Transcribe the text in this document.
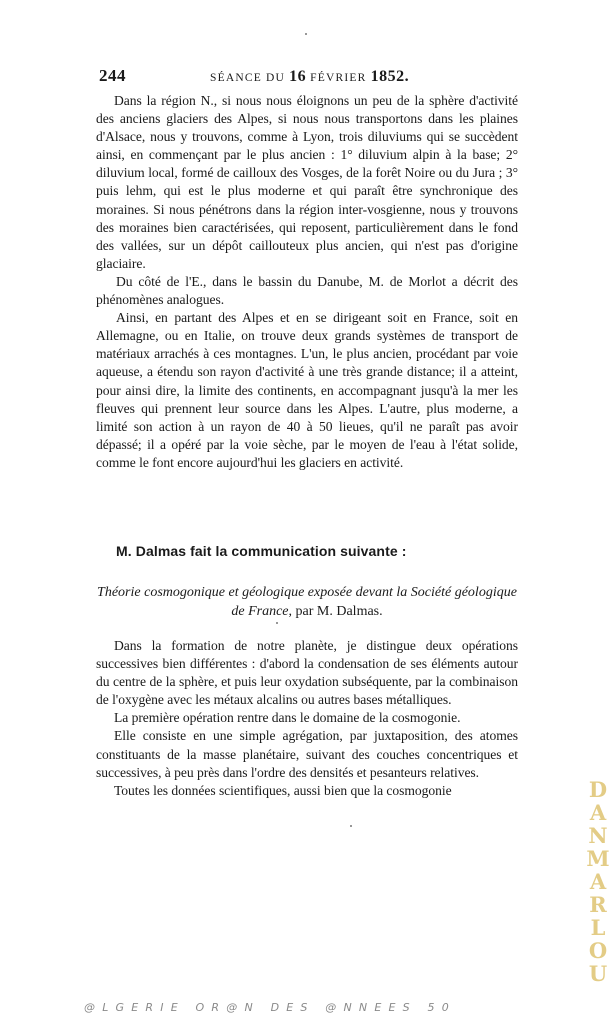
244	SÉANCE DU 16 FÉVRIER 1852.

Dans la région N., si nous nous éloignons un peu de la sphère d'activité des anciens glaciers des Alpes, si nous nous transportons dans les plaines d'Alsace, nous y trouvons, comme à Lyon, trois diluviums qui se succèdent ainsi, en commençant par le plus ancien : 1° diluvium alpin à la base; 2° diluvium local, formé de cailloux des Vosges, de la forêt Noire ou du Jura ; 3° puis lehm, qui est le plus moderne et qui paraît être synchronique des moraines. Si nous pénétrons dans la région inter-vosgienne, nous y trouvons des moraines bien caractérisées, qui reposent, particulièrement dans le fond des vallées, sur un dépôt caillouteux plus ancien, qui n'est pas d'origine glaciaire.

Du côté de l'E., dans le bassin du Danube, M. de Morlot a décrit des phénomènes analogues.

Ainsi, en partant des Alpes et en se dirigeant soit en France, soit en Allemagne, ou en Italie, on trouve deux grands systèmes de transport de matériaux arrachés à ces montagnes. L'un, le plus ancien, procédant par voie aqueuse, a étendu son rayon d'activité à une très grande distance; il a atteint, pour ainsi dire, la limite des continents, en accompagnant jusqu'à la mer les fleuves qui prennent leur source dans les Alpes. L'autre, plus moderne, a limité son action à un rayon de 40 à 50 lieues, qu'il ne paraît pas avoir dépassé; il a opéré par la voie sèche, par le moyen de l'eau à l'état solide, comme le font encore aujourd'hui les glaciers en activité.

M. Dalmas fait la communication suivante :
Théorie cosmogonique et géologique exposée devant la Société géologique de France, par M. Dalmas.

Dans la formation de notre planète, je distingue deux opérations successives bien différentes : d'abord la condensation de ses éléments autour du centre de la sphère, et puis leur oxydation subséquente, par la combinaison de l'oxygène avec les métaux alcalins ou autres bases métalliques.

La première opération rentre dans le domaine de la cosmogonie.

Elle consiste en une simple agrégation, par juxtaposition, des atomes constituants de la masse planétaire, suivant des couches concentriques et successives, à peu près dans l'ordre des densités et pesanteurs relatives.

Toutes les données scientifiques, aussi bien que la cosmogonie	DANMARLOU
@LGERIE OR@N DES @NNEES 50
